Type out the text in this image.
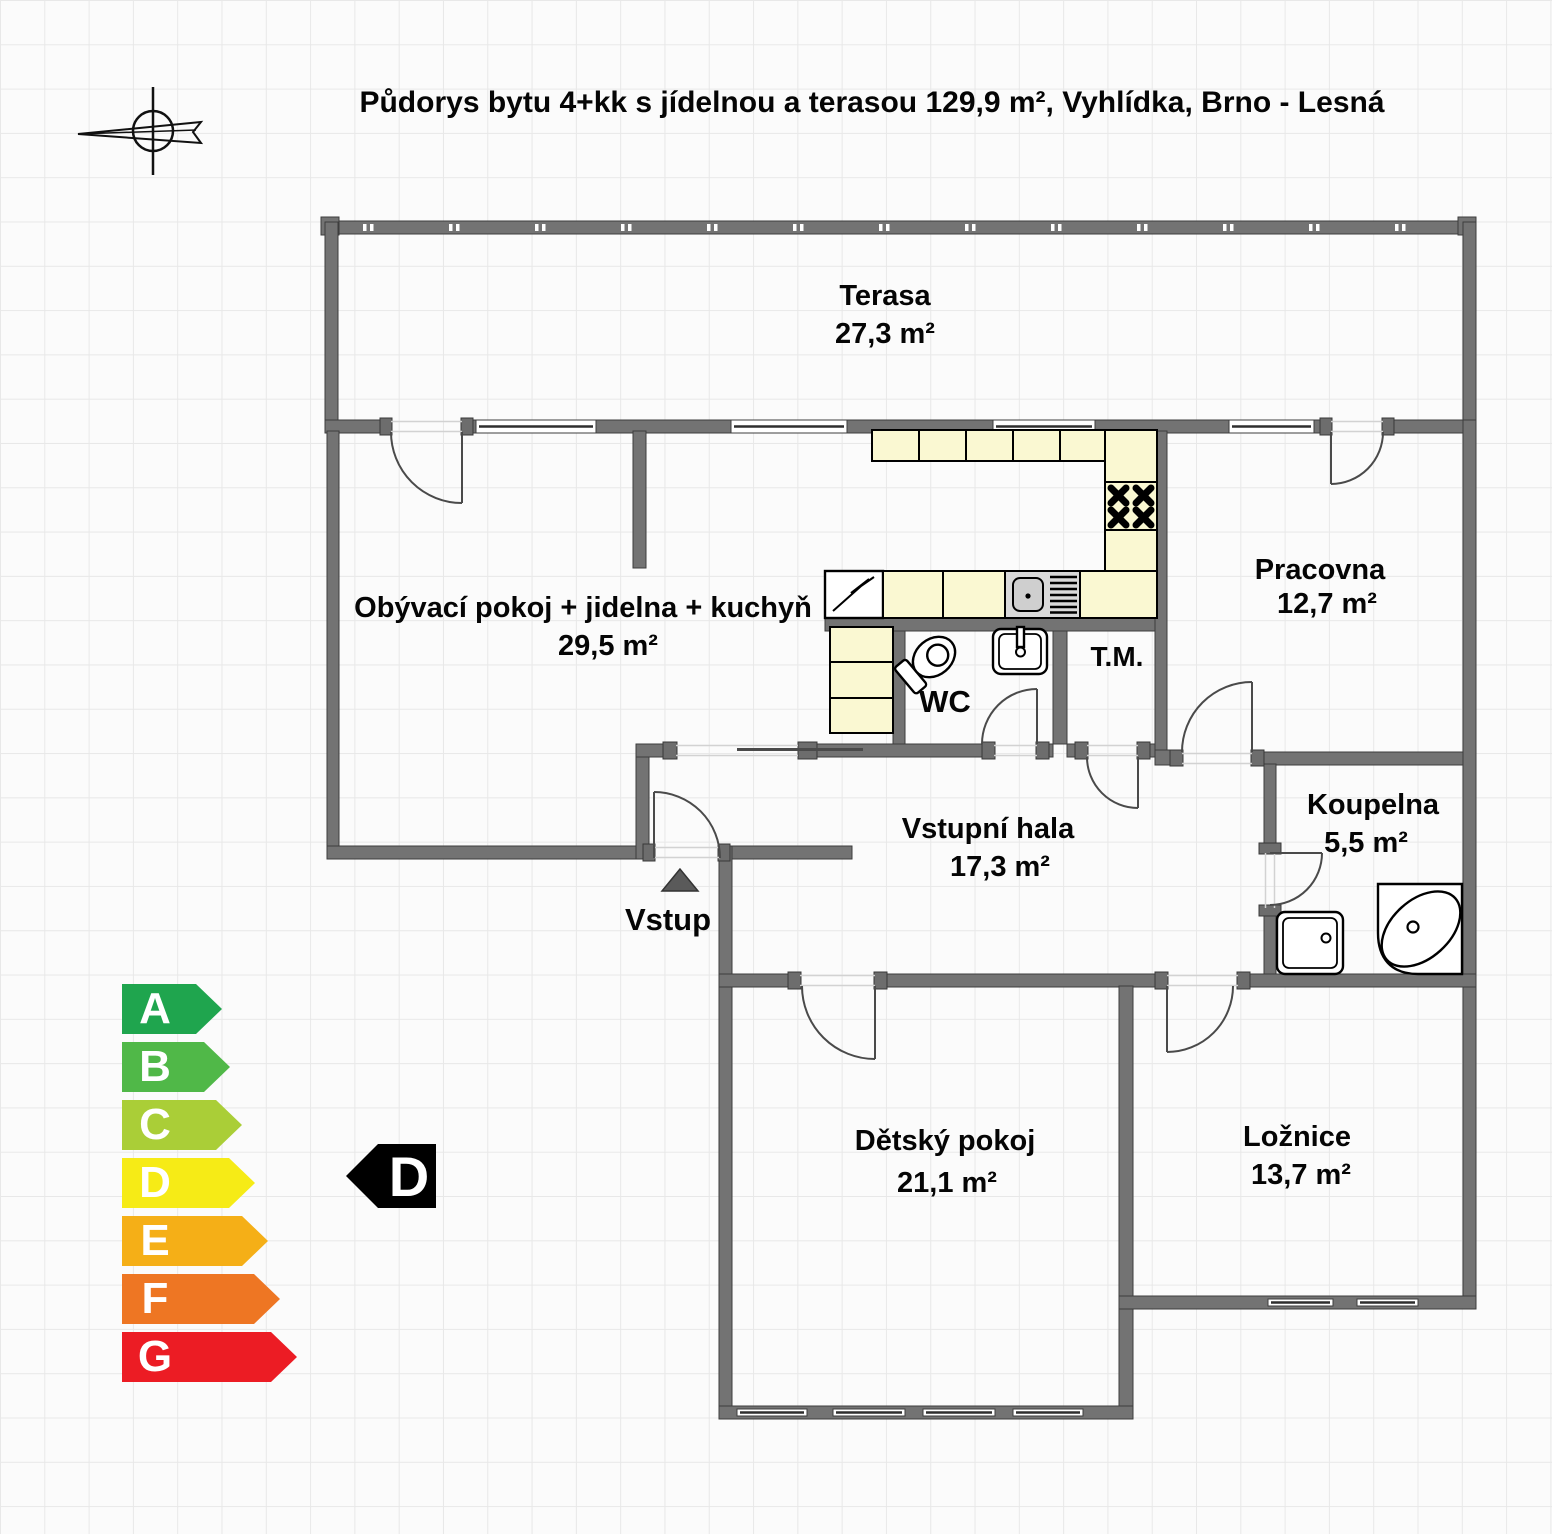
Půdorys bytu 4+kk s jídelnou a terasou 129,9 m², Vyhlídka, Brno - Lesná
Vstup
Terasa
27,3 m²
Obývací pokoj + jidelna + kuchyň
29,5 m²
Pracovna
12,7 m²
WC
T.M.
Vstupní hala
17,3 m²
Koupelna
5,5 m²
Dětský pokoj
21,1 m²
Ložnice
13,7 m²
A
B
C
D
E
F
G
D
